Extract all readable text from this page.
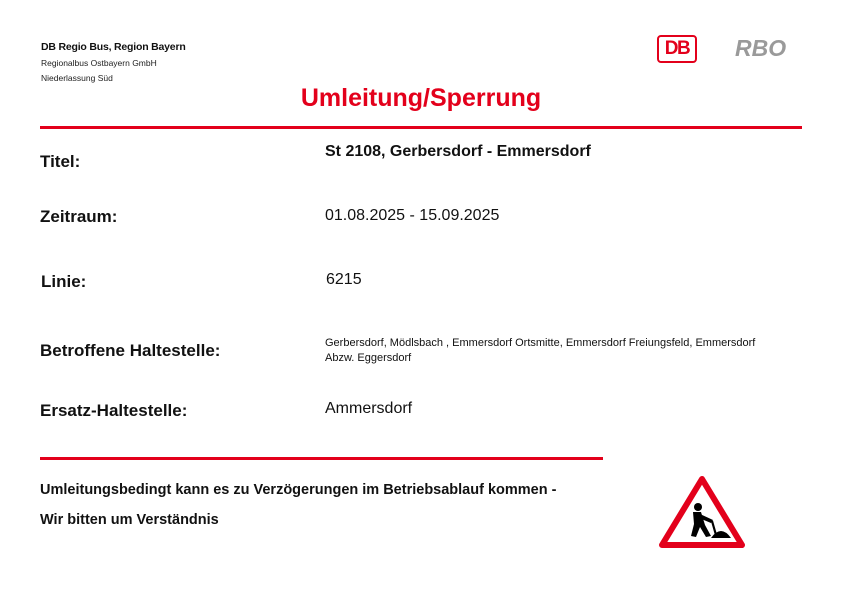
DB Regio Bus, Region Bayern
Regionalbus Ostbayern GmbH
Niederlassung Süd
DB	RBO
Umleitung/Sperrung
Titel:
St 2108, Gerbersdorf - Emmersdorf
Zeitraum:	01.08.2025 - 15.09.2025
Linie:	6215
Betroffene Haltestelle:	Gerbersdorf, Mödlsbach , Emmersdorf Ortsmitte, Emmersdorf Freiungsfeld, Emmersdorf Abzw. Eggersdorf
Ersatz-Haltestelle:	Ammersdorf
Umleitungsbedingt kann es zu Verzögerungen im Betriebsablauf kommen -
Wir bitten um Verständnis
